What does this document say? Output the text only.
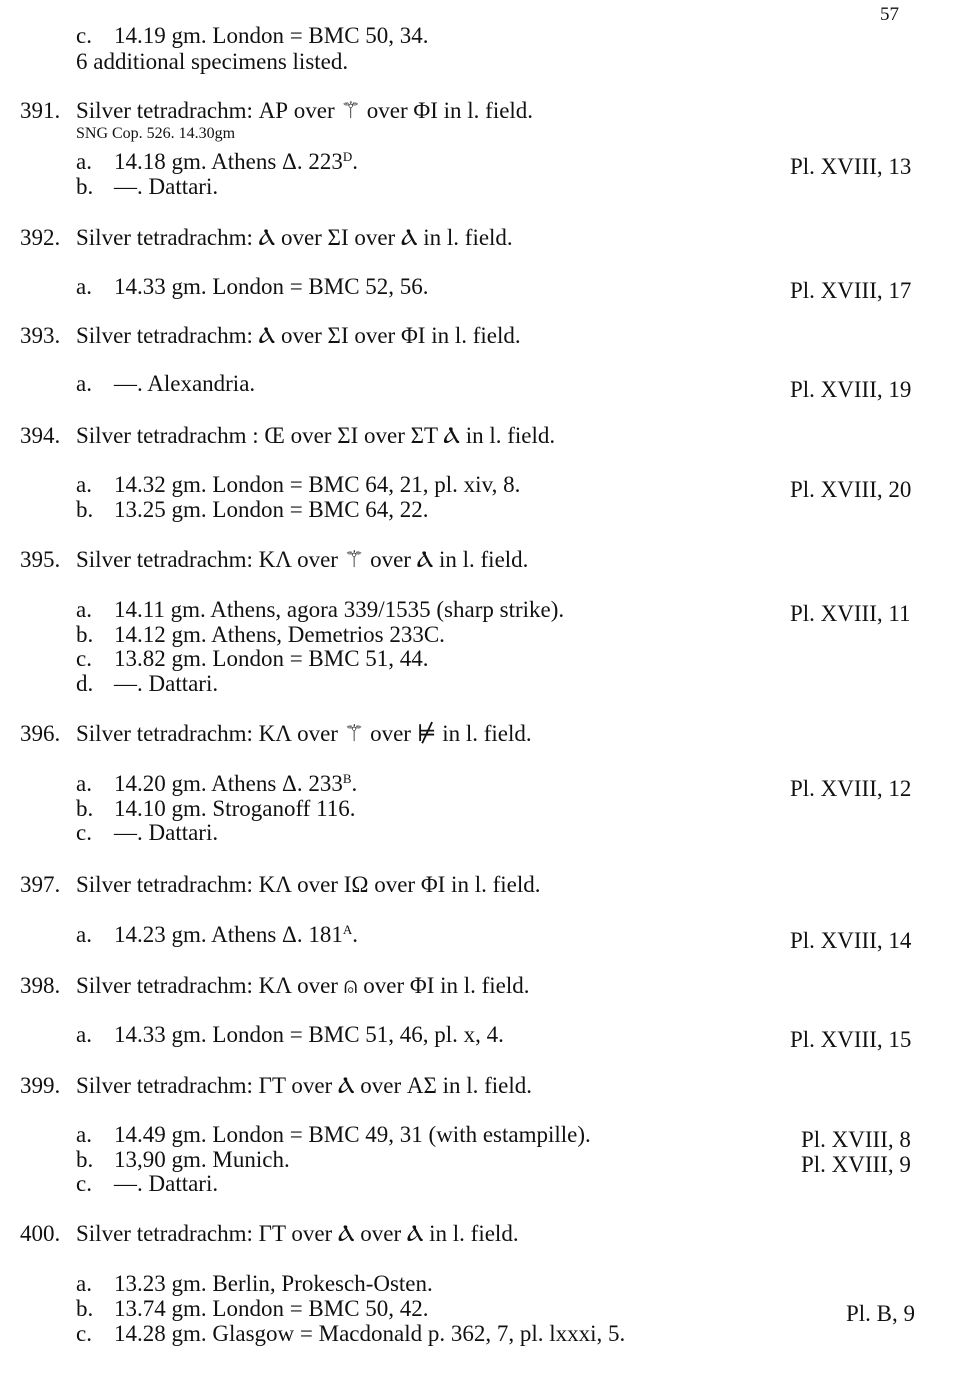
57
c. 14.19 gm. London = BMC 50, 34.
6 additional specimens listed.
391. Silver tetradrachm: ΑΡ over ⚚ over ΦΙ in l. field.
SNG Cop. 526. 14.30gm
a. 14.18 gm. Athens Δ. $223^D$.
b. —. Dattari.
392. Silver tetradrachm: Ⲁ over ΣΙ over Ⲁ in l. field.
a. 14.33 gm. London = BMC 52, 56.
393. Silver tetradrachm: Ⲁ over ΣΙ over ΦΙ in l. field.
a. —. Alexandria.
394. Silver tetradrachm : Œ over ΣΙ over ΣΤ Ⲁ in l. field.
a. 14.32 gm. London = BMC 64, 21, pl. xiv, 8.
b. 13.25 gm. London = BMC 64, 22.
395. Silver tetradrachm: ΚΛ over ⚚ over Ⲁ in l. field.
a. 14.11 gm. Athens, agora 339/1535 (sharp strike).
b. 14.12 gm. Athens, Demetrios 233C.
c. 13.82 gm. London = BMC 51, 44.
d. —. Dattari.
396. Silver tetradrachm: ΚΛ over ⚚ over ⊭ in l. field.
a. 14.20 gm. Athens Δ. $233^B$.
b. 14.10 gm. Stroganoff 116.
c. —. Dattari.
397. Silver tetradrachm: ΚΛ over ΙΩ over ΦΙ in l. field.
a. 14.23 gm. Athens Δ. $181^A$.
398. Silver tetradrachm: ΚΛ over ⍝ over ΦΙ in l. field.
a. 14.33 gm. London = BMC 51, 46, pl. x, 4.
399. Silver tetradrachm: ΓΤ over Ⲁ over ΑΣ in l. field.
a. 14.49 gm. London = BMC 49, 31 (with estampille).
b. 13,90 gm. Munich.
c. —. Dattari.
400. Silver tetradrachm: ΓΤ over Ⲁ over Ⲁ in l. field.
a. 13.23 gm. Berlin, Prokesch-Osten.
b. 13.74 gm. London = BMC 50, 42.
c. 14.28 gm. Glasgow = Macdonald p. 362, 7, pl. lxxxi, 5.
Pl. XVIII, 13
Pl. XVIII, 17
Pl. XVIII, 19
Pl. XVIII, 20
Pl. XVIII, 11
Pl. XVIII, 12
Pl. XVIII, 14
Pl. XVIII, 15
Pl. XVIII, 8
Pl. XVIII, 9
Pl. B, 9
